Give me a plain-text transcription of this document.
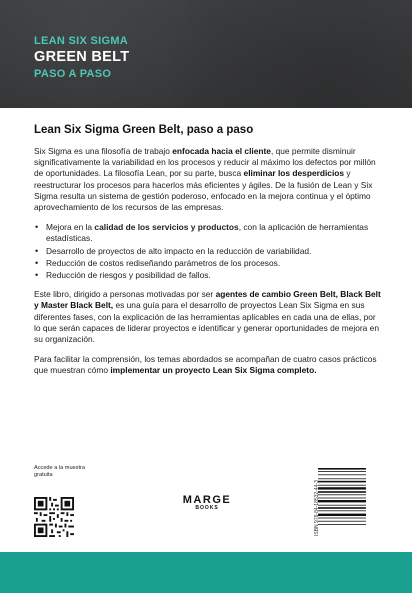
LEAN SIX SIGMA
GREEN BELT
PASO A PASO
Lean Six Sigma Green Belt, paso a paso

Six Sigma es una filosofía de trabajo enfocada hacia el cliente, que permite disminuir significativamente la variabilidad en los procesos y reducir al máximo los defectos por millón de oportunidades. La filosofía Lean, por su parte, busca eliminar los desperdicios y reestructurar los procesos para hacerlos más eficientes y ágiles. De la fusión de Lean y Six Sigma resulta un sistema de gestión poderoso, enfocado en la mejora continua y el óptimo aprovechamiento de los recursos de las empresas.

• Mejora en la calidad de los servicios y productos, con la aplicación de herramientas estadísticas.
• Desarrollo de proyectos de alto impacto en la reducción de variabilidad.
• Reducción de costos rediseñando parámetros de los procesos.
• Reducción de riesgos y posibilidad de fallos.

Este libro, dirigido a personas motivadas por ser agentes de cambio Green Belt, Black Belt y Master Black Belt, es una guía para el desarrollo de proyectos Lean Six Sigma en sus diferentes fases, con la explicación de las herramientas aplicables en cada una de ellas, por lo que serán capaces de liderar proyectos e identificar y generar oportunidades de mejora en su organización.

Para facilitar la comprensión, los temas abordados se acompañan de cuatro casos prácticos que muestran cómo implementar un proyecto Lean Six Sigma completo.

Accede a la muestra gratuita
MARGE
BOOKS	ISBN 978-84-18532-44-3
